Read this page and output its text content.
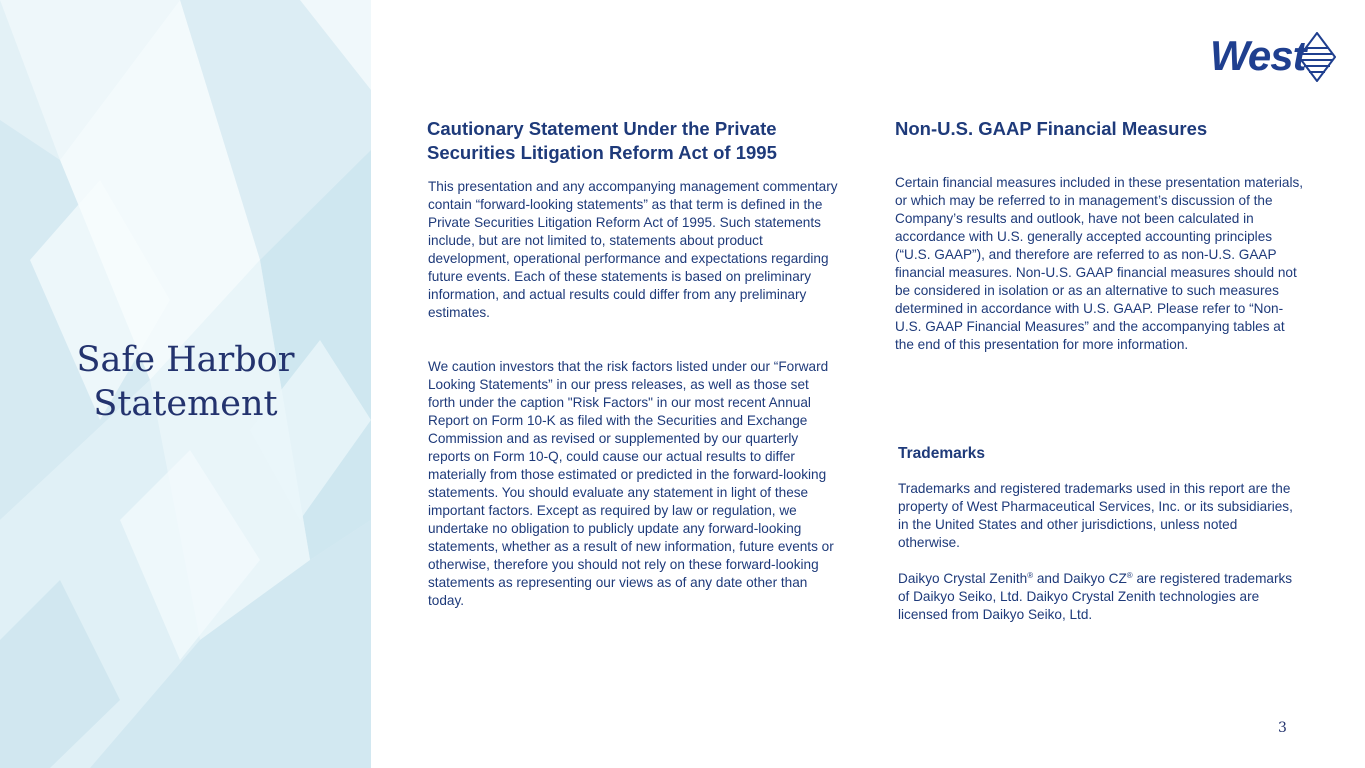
Safe Harbor
Statement
West
Cautionary Statement Under the Private
Securities Litigation Reform Act of 1995

This presentation and any accompanying management commentary contain “forward-looking statements” as that term is defined in the Private Securities Litigation Reform Act of 1995. Such statements include, but are not limited to, statements about product development, operational performance and expectations regarding future events. Each of these statements is based on preliminary information, and actual results could differ from any preliminary estimates.

We caution investors that the risk factors listed under our “Forward Looking Statements” in our press releases, as well as those set forth under the caption "Risk Factors" in our most recent Annual Report on Form 10-K as filed with the Securities and Exchange Commission and as revised or supplemented by our quarterly reports on Form 10-Q, could cause our actual results to differ materially from those estimated or predicted in the forward-looking statements. You should evaluate any statement in light of these important factors. Except as required by law or regulation, we undertake no obligation to publicly update any forward-looking statements, whether as a result of new information, future events or otherwise, therefore you should not rely on these forward-looking statements as representing our views as of any date other than today.

Non-U.S. GAAP Financial Measures

Certain financial measures included in these presentation materials, or which may be referred to in management’s discussion of the Company’s results and outlook, have not been calculated in accordance with U.S. generally accepted accounting principles (“U.S. GAAP”), and therefore are referred to as non-U.S. GAAP financial measures. Non-U.S. GAAP financial measures should not be considered in isolation or as an alternative to such measures determined in accordance with U.S. GAAP. Please refer to “Non-U.S. GAAP Financial Measures” and the accompanying tables at the end of this presentation for more information.

Trademarks

Trademarks and registered trademarks used in this report are the property of West Pharmaceutical Services, Inc. or its subsidiaries, in the United States and other jurisdictions, unless noted otherwise.

Daikyo Crystal Zenith® and Daikyo CZ® are registered trademarks of Daikyo Seiko, Ltd. Daikyo Crystal Zenith technologies are licensed from Daikyo Seiko, Ltd.

3
